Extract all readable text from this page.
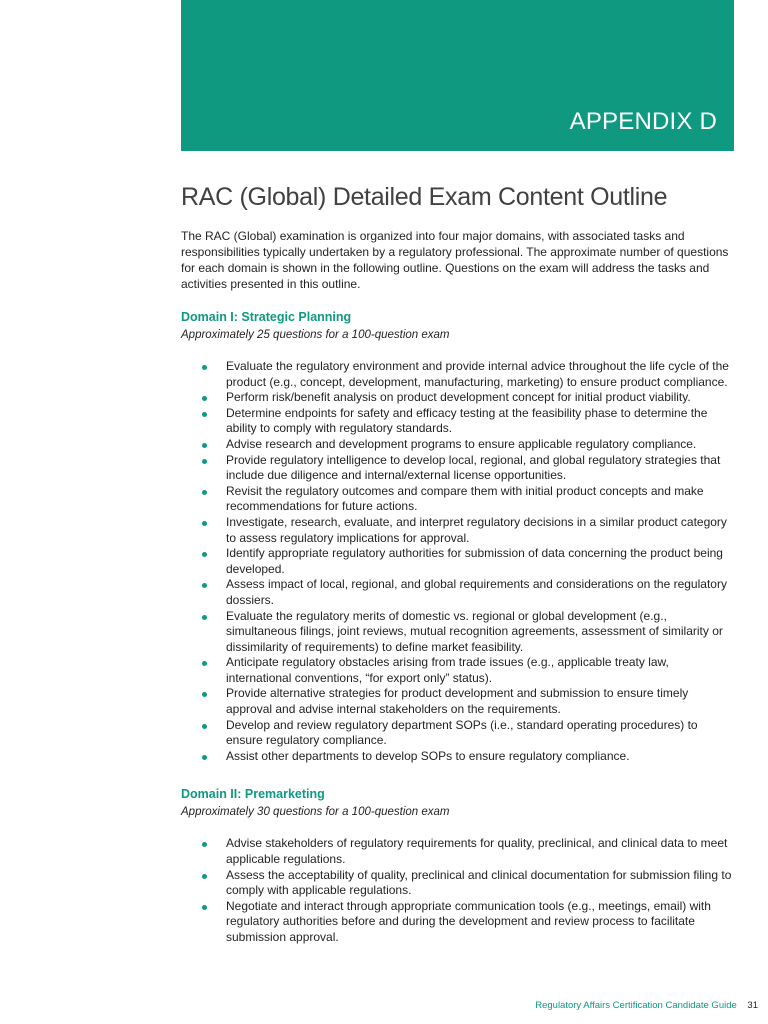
APPENDIX D
RAC (Global) Detailed Exam Content Outline

The RAC (Global) examination is organized into four major domains, with associated tasks and responsibilities typically undertaken by a regulatory professional. The approximate number of questions for each domain is shown in the following outline. Questions on the exam will address the tasks and activities presented in this outline.

Domain I: Strategic Planning

Approximately 25 questions for a 100-question exam

Evaluate the regulatory environment and provide internal advice throughout the life cycle of the product (e.g., concept, development, manufacturing, marketing) to ensure product compliance.
Perform risk/benefit analysis on product development concept for initial product viability.
Determine endpoints for safety and efficacy testing at the feasibility phase to determine the ability to comply with regulatory standards.
Advise research and development programs to ensure applicable regulatory compliance.
Provide regulatory intelligence to develop local, regional, and global regulatory strategies that include due diligence and internal/external license opportunities.
Revisit the regulatory outcomes and compare them with initial product concepts and make recommendations for future actions.
Investigate, research, evaluate, and interpret regulatory decisions in a similar product category to assess regulatory implications for approval.
Identify appropriate regulatory authorities for submission of data concerning the product being developed.
Assess impact of local, regional, and global requirements and considerations on the regulatory dossiers.
Evaluate the regulatory merits of domestic vs. regional or global development (e.g., simultaneous filings, joint reviews, mutual recognition agreements, assessment of similarity or dissimilarity of requirements) to define market feasibility.
Anticipate regulatory obstacles arising from trade issues (e.g., applicable treaty law, international conventions, “for export only” status).
Provide alternative strategies for product development and submission to ensure timely approval and advise internal stakeholders on the requirements.
Develop and review regulatory department SOPs (i.e., standard operating procedures) to ensure regulatory compliance.
Assist other departments to develop SOPs to ensure regulatory compliance.
Domain II: Premarketing

Approximately 30 questions for a 100-question exam

Advise stakeholders of regulatory requirements for quality, preclinical, and clinical data to meet applicable regulations.
Assess the acceptability of quality, preclinical and clinical documentation for submission filing to comply with applicable regulations.
Negotiate and interact through appropriate communication tools (e.g., meetings, email) with regulatory authorities before and during the development and review process to facilitate submission approval.
Regulatory Affairs Certification Candidate Guide 31
